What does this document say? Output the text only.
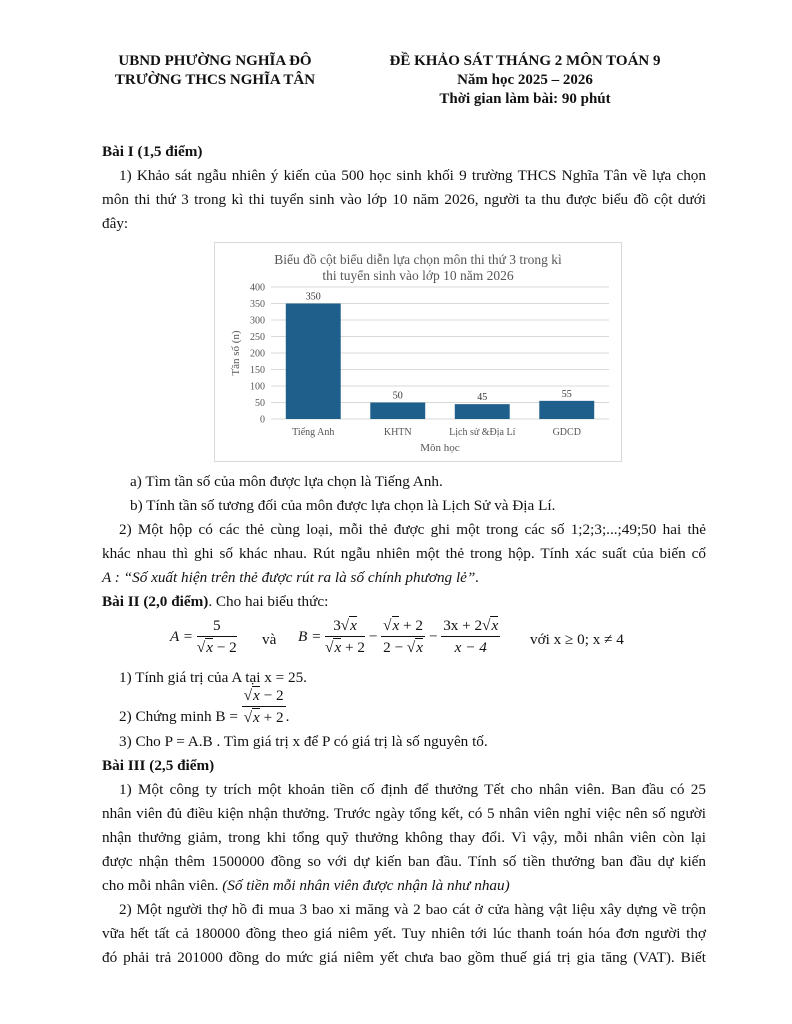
UBND PHƯỜNG NGHĨA ĐÔ
TRƯỜNG THCS NGHĨA TÂN
ĐỀ KHẢO SÁT THÁNG 2 MÔN TOÁN 9
Năm học 2025 – 2026
Thời gian làm bài: 90 phút
Bài I (1,5 điểm)
1) Khảo sát ngẫu nhiên ý kiến của 500 học sinh khối 9 trường THCS Nghĩa Tân về lựa chọn
môn thi thứ 3 trong kì thi tuyển sinh vào lớp 10 năm 2026, người ta thu được biểu đồ cột dưới
đây:
Biểu đồ cột biểu diễn lựa chọn môn thi thứ 3 trong kì
thi tuyển sinh vào lớp 10 năm 2026
0
50
100
150
200
250
300
350
400
350
Tiếng Anh
50
KHTN
45
Lịch sử &Địa Lí
55
GDCD
Môn học
Tần số (n)
a) Tìm tần số của môn được lựa chọn là Tiếng Anh.
b) Tính tần số tương đối của môn được lựa chọn là Lịch Sử và Địa Lí.
2) Một hộp có các thẻ cùng loại, mỗi thẻ được ghi một trong các số 1;2;3;...;49;50 hai thẻ
khác nhau thì ghi số khác nhau. Rút ngẫu nhiên một thẻ trong hộp. Tính xác suất của biến cố
A : “Số xuất hiện trên thẻ được rút ra là số chính phương lẻ”.
Bài II (2,0 điểm). Cho hai biểu thức:
A = 5
√ x − 2 và B = 3 √ x
√ x + 2 − √ $\frac{x + 2}{2 - √ x} - \frac{3x + 2 √ x}{x - 4}$ với x ≥ 0; x ≠ 4
1) Tính giá trị của A tại x = 25.
2) Chứng minh B = √ x − 2
√ x + 2 .
3) Cho P = A.B . Tìm giá trị x để P có giá trị là số nguyên tố.
Bài III (2,5 điểm)
1) Một công ty trích một khoản tiền cố định để thưởng Tết cho nhân viên. Ban đầu có 25
nhân viên đủ điều kiện nhận thưởng. Trước ngày tổng kết, có 5 nhân viên nghỉ việc nên số người
nhận thưởng giảm, trong khi tổng quỹ thưởng không thay đổi. Vì vậy, mỗi nhân viên còn lại
được nhận thêm 1500000 đồng so với dự kiến ban đầu. Tính số tiền thưởng ban đầu dự kiến
cho mỗi nhân viên. (Số tiền mỗi nhân viên được nhận là như nhau)
2) Một người thợ hồ đi mua 3 bao xi măng và 2 bao cát ở cửa hàng vật liệu xây dựng về trộn
vữa hết tất cả 180000 đồng theo giá niêm yết. Tuy nhiên tới lúc thanh toán hóa đơn người thợ
đó phải trả 201000 đồng do mức giá niêm yết chưa bao gồm thuế giá trị gia tăng (VAT). Biết
